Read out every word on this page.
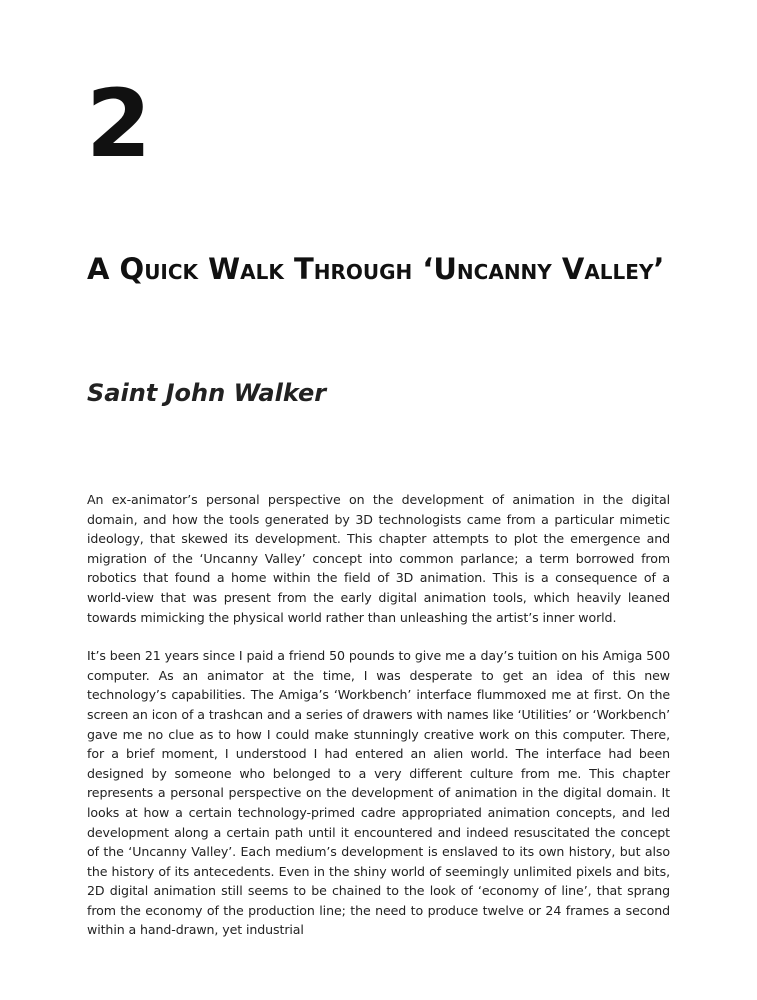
2
A Quick Walk Through ‘Uncanny Valley’
Saint John Walker

An ex-animator’s personal perspective on the development of animation in the digital domain, and how the tools generated by 3D technologists came from a particular mimetic ideology, that skewed its development. This chapter attempts to plot the emergence and migration of the ‘Uncanny Valley’ concept into common parlance; a term borrowed from robotics that found a home within the field of 3D animation. This is a consequence of a world-view that was present from the early digital animation tools, which heavily leaned towards mimicking the physical world rather than unleashing the artist’s inner world.

It’s been 21 years since I paid a friend 50 pounds to give me a day’s tuition on his Amiga 500 computer. As an animator at the time, I was desperate to get an idea of this new technology’s capabilities. The Amiga’s ‘Workbench’ interface flummoxed me at first. On the screen an icon of a trashcan and a series of drawers with names like ‘Utilities’ or ‘Workbench’ gave me no clue as to how I could make stunningly creative work on this computer. There, for a brief moment, I understood I had entered an alien world. The interface had been designed by someone who belonged to a very different culture from me. This chapter represents a personal perspective on the development of animation in the digital domain. It looks at how a certain technology-primed cadre appropriated animation concepts, and led development along a certain path until it encountered and indeed resuscitated the concept of the ‘Uncanny Valley’. Each medium’s development is enslaved to its own history, but also the history of its antecedents. Even in the shiny world of seemingly unlimited pixels and bits, 2D digital animation still seems to be chained to the look of ‘economy of line’, that sprang from the economy of the production line; the need to produce twelve or 24 frames a second within a hand-drawn, yet industrial
